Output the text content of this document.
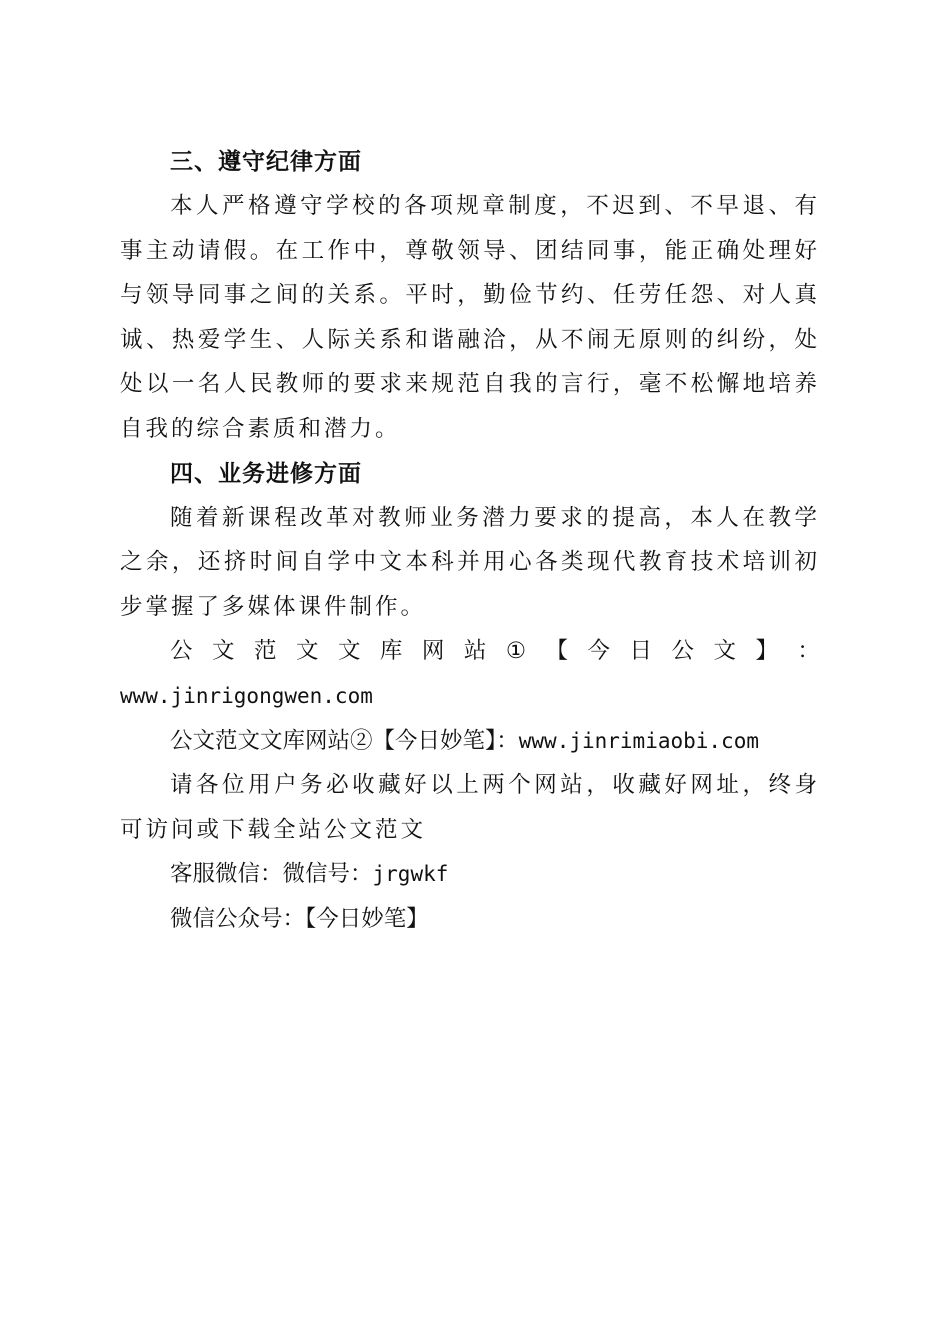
三、遵守纪律方面

本人严格遵守学校的各项规章制度，不迟到、不早退、有事主动请假。在工作中，尊敬领导、团结同事，能正确处理好与领导同事之间的关系。平时，勤俭节约、任劳任怨、对人真诚、热爱学生、人际关系和谐融洽，从不闹无原则的纠纷，处处以一名人民教师的要求来规范自我的言行，毫不松懈地培养自我的综合素质和潜力。

四、业务进修方面

随着新课程改革对教师业务潜力要求的提高，本人在教学之余，还挤时间自学中文本科并用心各类现代教育技术培训初步掌握了多媒体课件制作。

公 文 范 文 文 库 网 站 ① 【 今 日 公 文 】 ：

www.jinrigongwen.com

公文范文文库网站②【今日妙笔】：www.jinrimiaobi.com

请各位用户务必收藏好以上两个网站，收藏好网址，终身可访问或下载全站公文范文

客服微信：微信号：jrgwkf

微信公众号：【今日妙笔】
